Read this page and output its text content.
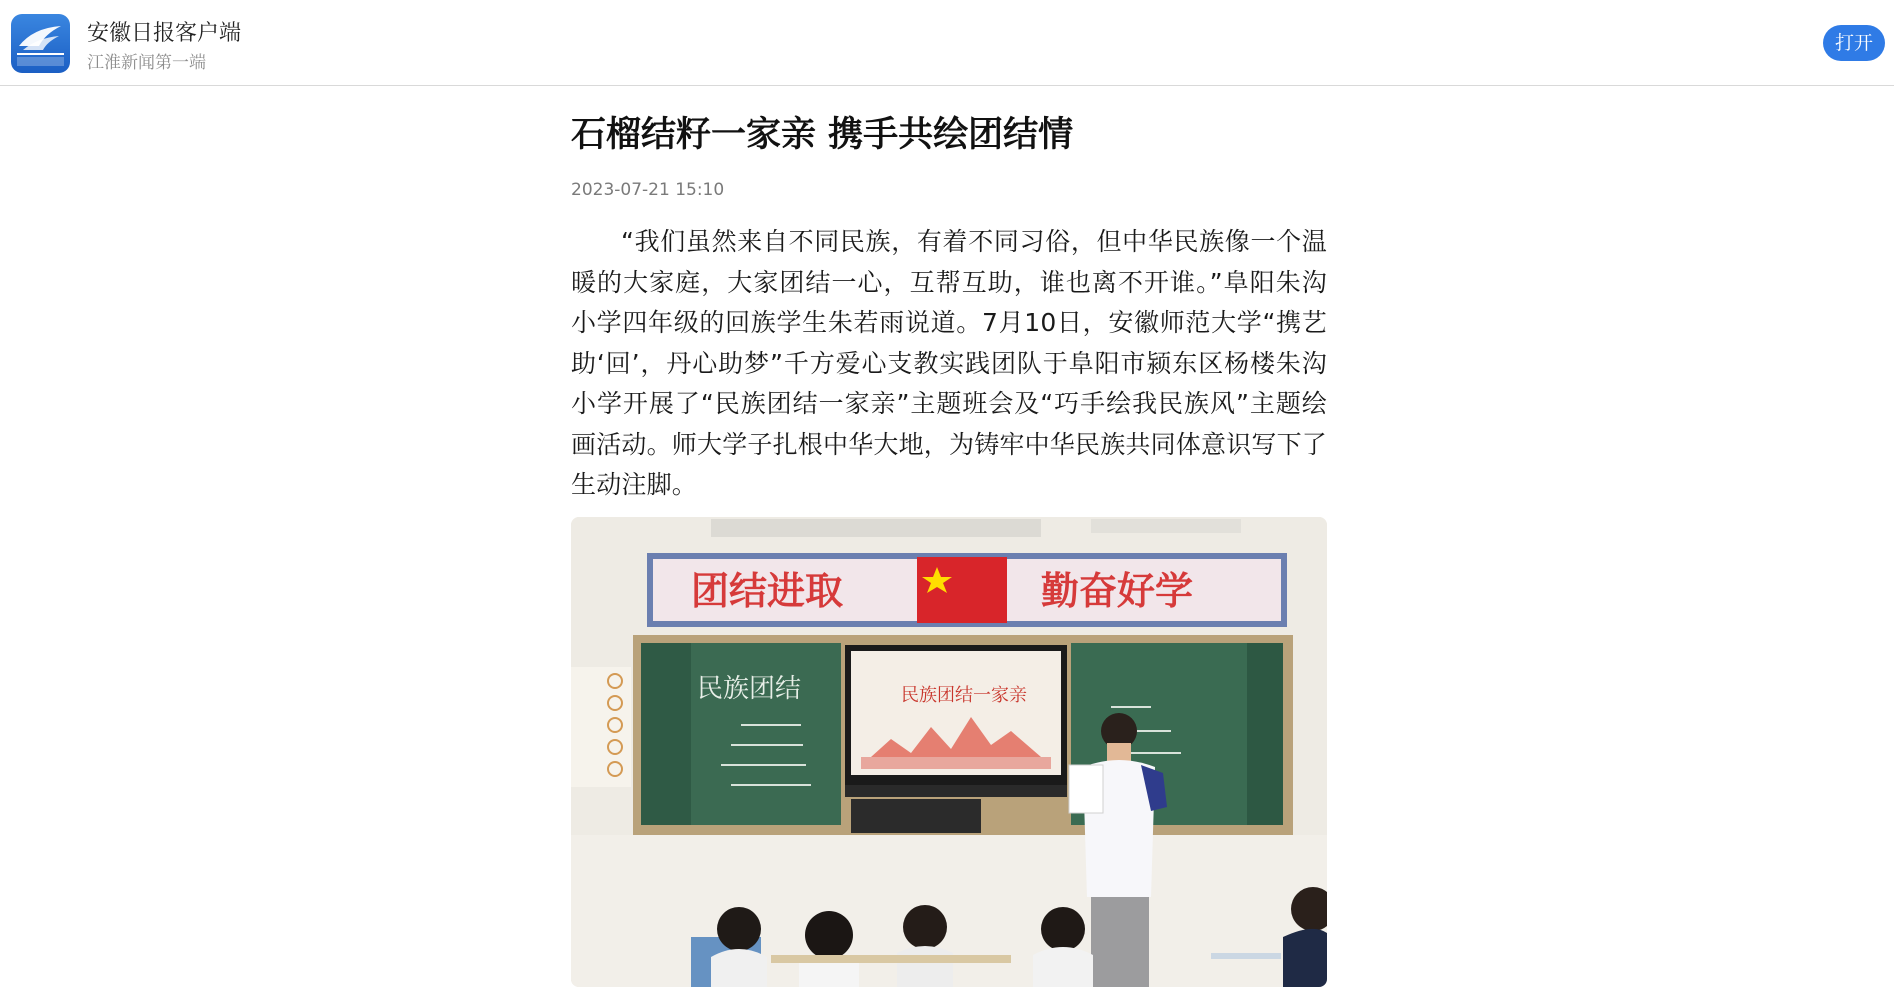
安徽日报客户端
江淮新闻第一端
打开
石榴结籽一家亲 携手共绘团结情
2023-07-21 15:10

“我们虽然来自不同民族，有着不同习俗，但中华民族像一个温暖的大家庭，大家团结一心，互帮互助，谁也离不开谁。”阜阳朱沟小学四年级的回族学生朱若雨说道。7月10日，安徽师范大学“携艺助‘回’，丹心助梦”千方爱心支教实践团队于阜阳市颍东区杨楼朱沟小学开展了“民族团结一家亲”主题班会及“巧手绘我民族风”主题绘画活动。师大学子扎根中华大地，为铸牢中华民族共同体意识写下了生动注脚。

团结进取	勤奋好学
民族团结	民族团结一家亲
